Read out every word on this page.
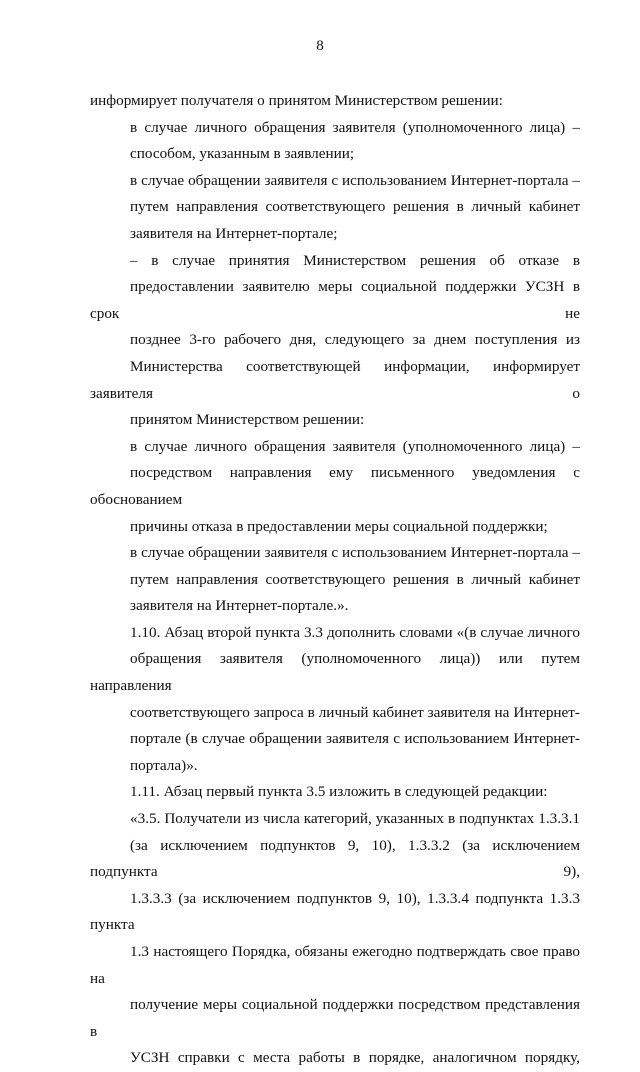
8

информирует получателя о принятом Министерством решении:

в случае личного обращения заявителя (уполномоченного лица) –
способом, указанным в заявлении;

в случае обращении заявителя с использованием Интернет-портала –
путем направления соответствующего решения в личный кабинет
заявителя на Интернет-портале;

– в случае принятия Министерством решения об отказе в
предоставлении заявителю меры социальной поддержки УСЗН в срок не
позднее 3-го рабочего дня, следующего за днем поступления из
Министерства соответствующей информации, информирует заявителя о
принятом Министерством решении:

в случае личного обращения заявителя (уполномоченного лица) –
посредством направления ему письменного уведомления с обоснованием
причины отказа в предоставлении меры социальной поддержки;

в случае обращении заявителя с использованием Интернет-портала –
путем направления соответствующего решения в личный кабинет
заявителя на Интернет-портале.».

1.10. Абзац второй пункта 3.3 дополнить словами «(в случае личного
обращения заявителя (уполномоченного лица)) или путем направления
соответствующего запроса в личный кабинет заявителя на Интернет-
портале (в случае обращении заявителя с использованием Интернет-
портала)».

1.11. Абзац первый пункта 3.5 изложить в следующей редакции:

«3.5. Получатели из числа категорий, указанных в подпунктах 1.3.3.1
(за исключением подпунктов 9, 10), 1.3.3.2 (за исключением подпункта 9),
1.3.3.3 (за исключением подпунктов 9, 10), 1.3.3.4 подпункта 1.3.3 пункта
1.3 настоящего Порядка, обязаны ежегодно подтверждать свое право на
получение меры социальной поддержки посредством представления в
УСЗН справки с места работы в порядке, аналогичном порядку,
